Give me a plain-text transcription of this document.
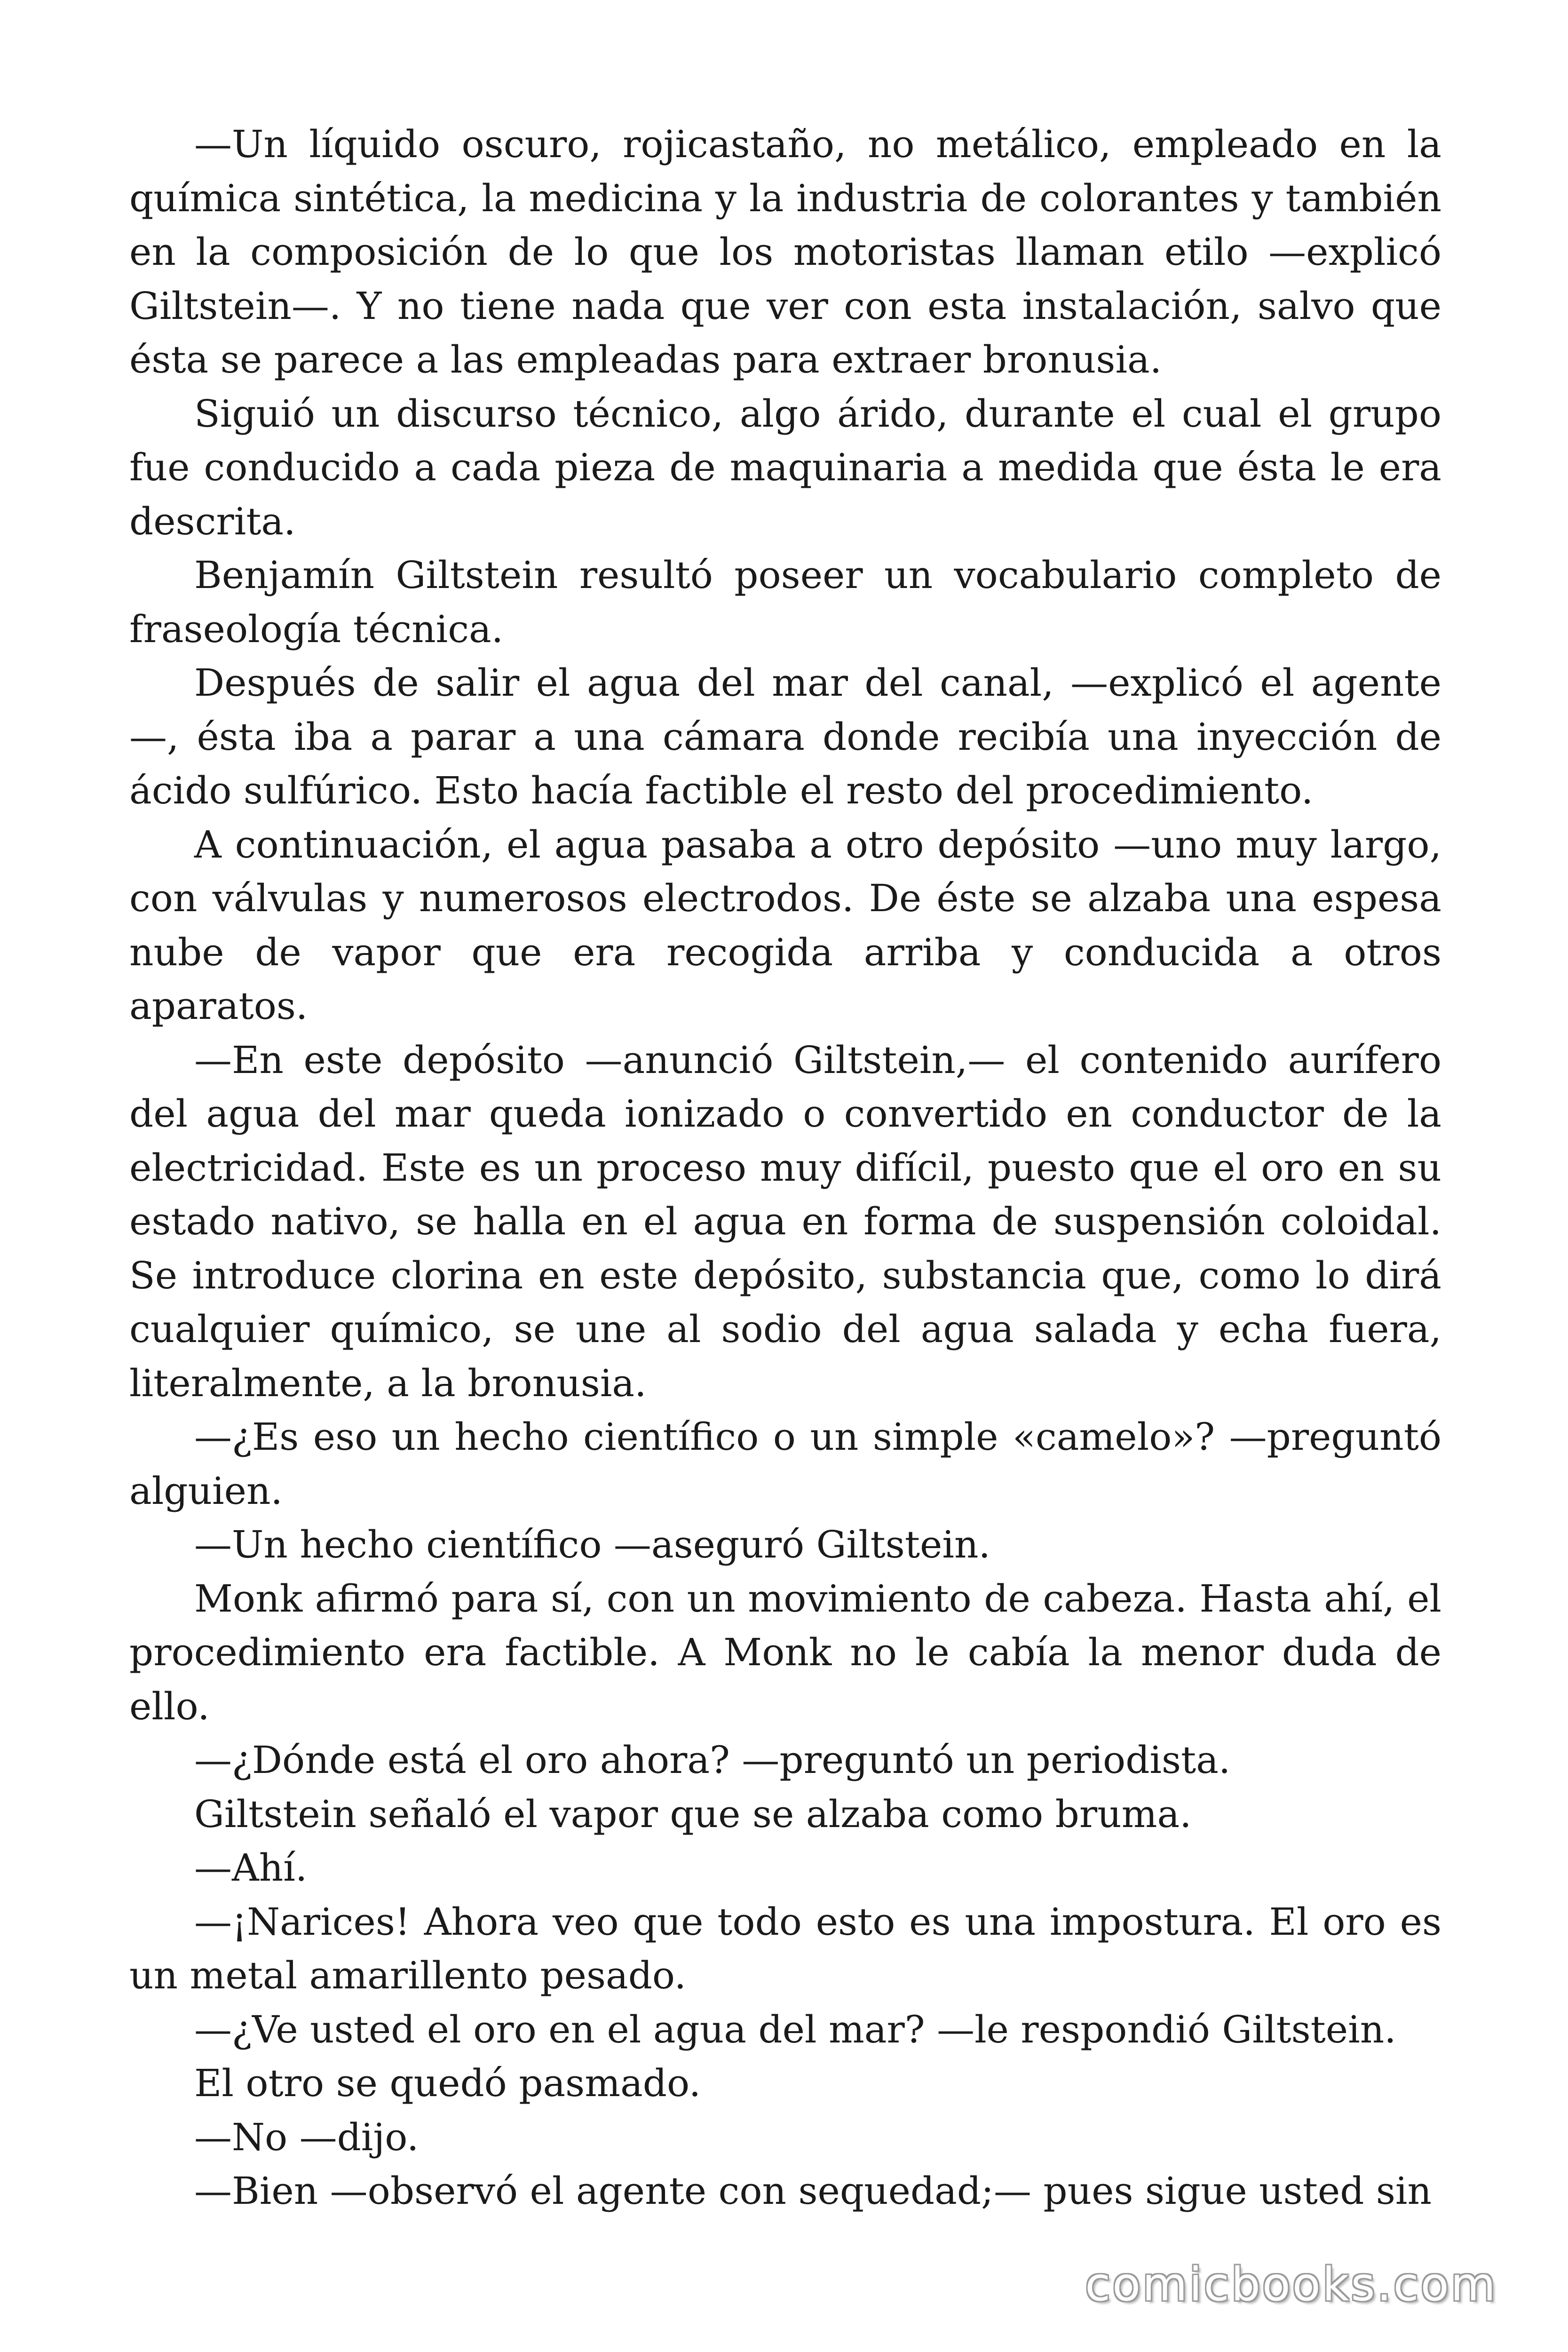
—Un líquido oscuro, rojicastaño, no metálico, empleado en la química sintética, la medicina y la industria de colorantes y también en la composición de lo que los motoristas llaman etilo —explicó Giltstein—. Y no tiene nada que ver con esta instalación, salvo que ésta se parece a las empleadas para extraer bronusia.

Siguió un discurso técnico, algo árido, durante el cual el grupo fue conducido a cada pieza de maquinaria a medida que ésta le era descrita.

Benjamín Giltstein resultó poseer un vocabulario completo de fraseología técnica.

Después de salir el agua del mar del canal, —explicó el agente —, ésta iba a parar a una cámara donde recibía una inyección de ácido sulfúrico. Esto hacía factible el resto del procedimiento.

A continuación, el agua pasaba a otro depósito —uno muy largo, con válvulas y numerosos electrodos. De éste se alzaba una espesa nube de vapor que era recogida arriba y conducida a otros aparatos.

—En este depósito —anunció Giltstein,— el contenido aurífero del agua del mar queda ionizado o convertido en conductor de la electricidad. Este es un proceso muy difícil, puesto que el oro en su estado nativo, se halla en el agua en forma de suspensión coloidal. Se introduce clorina en este depósito, substancia que, como lo dirá cualquier químico, se une al sodio del agua salada y echa fuera, literalmente, a la bronusia.

—¿Es eso un hecho científico o un simple «camelo»? —preguntó alguien.

—Un hecho científico —aseguró Giltstein.

Monk afirmó para sí, con un movimiento de cabeza. Hasta ahí, el procedimiento era factible. A Monk no le cabía la menor duda de ello.

—¿Dónde está el oro ahora? —preguntó un periodista.

Giltstein señaló el vapor que se alzaba como bruma.

—Ahí.

—¡Narices! Ahora veo que todo esto es una impostura. El oro es un metal amarillento pesado.

—¿Ve usted el oro en el agua del mar? —le respondió Giltstein.

El otro se quedó pasmado.

—No —dijo.

—Bien —observó el agente con sequedad;— pues sigue usted sin

comicbooks.com
